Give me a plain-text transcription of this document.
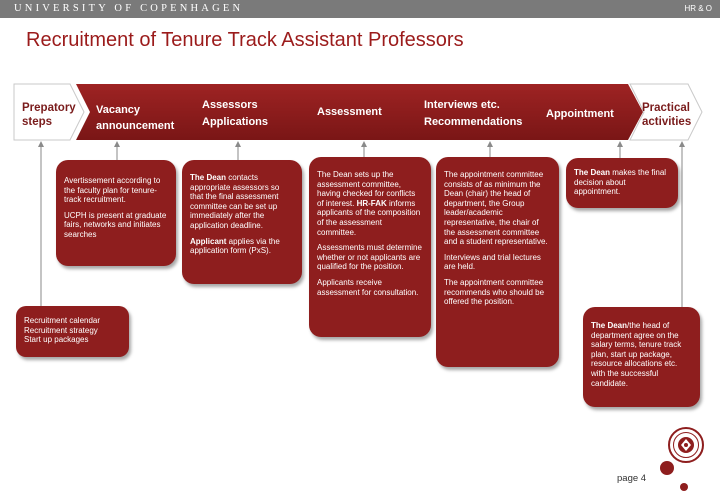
UNIVERSITY OF COPENHAGEN	HR & O
Recruitment of Tenure Track Assistant Professors
Prepatory
steps
Vacancy
announcement
Assessors
Applications
Assessment
Interviews etc.
Recommendations
Appointment Practical
activities

Avertissement according to the faculty plan for tenure-track recruitment.

UCPH is present at graduate fairs, networks and initiates searches

The Dean contacts appropriate assessors so that the final assessment committee can be set up immediately after the application deadline.

Applicant applies via the application form (PxS).

The Dean sets up the assessment committee, having checked for conflicts of interest. HR-FAK informs applicants of the composition of the assessment committee.

Assessments must determine whether or not applicants are qualified for the position.

Applicants receive assessment for consultation.

The appointment committee consists of as minimum the Dean (chair) the head of department, the Group leader/academic representative, the chair of the assessment committee and a student representative.

Interviews and trial lectures are held.

The appointment committee recommends who should be offered the position.

The Dean makes the final decision about appointment.

Recruitment calendar
Recruitment strategy
Start up packages

The Dean/the head of department agree on the salary terms, tenure track plan, start up package, resource allocations etc. with the successful candidate.

page 4
